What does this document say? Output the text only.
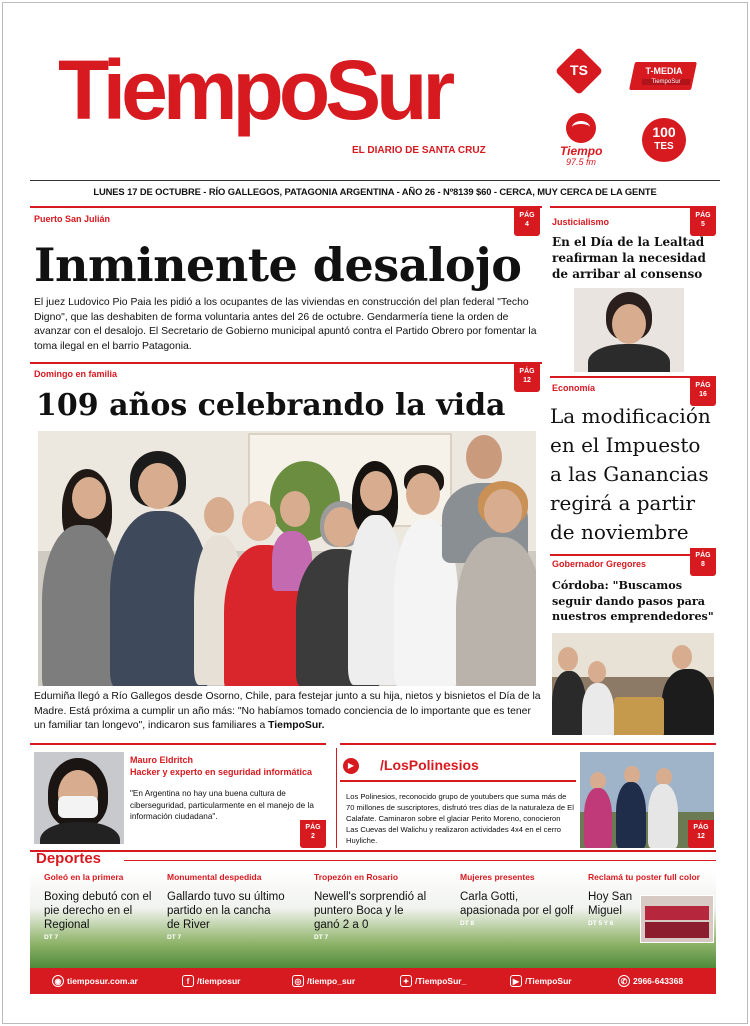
TiempoSur
EL DIARIO DE SANTA CRUZ
TS	T-MEDIA
TiempoSur
Tiempo
97.5 fm
100
TES
LUNES 17 DE OCTUBRE - RÍO GALLEGOS, PATAGONIA ARGENTINA - AÑO 26 - Nº8139 $60 - CERCA, MUY CERCA DE LA GENTE
Puerto San Julián	PÁG
4
Inminente desalojo
El juez Ludovico Pio Paia les pidió a los ocupantes de las viviendas en construcción del plan federal "Techo Digno", que las deshabiten de forma voluntaria antes del 26 de octubre. Gendarmería tiene la orden de avanzar con el desalojo. El Secretario de Gobierno municipal apuntó contra el Partido Obrero por fomentar la toma ilegal en el barrio Patagonia.
Justicialismo
PÁG
5
En el Día de la Lealtad reafirman la necesidad de arribar al consenso
Domingo en familia	PÁG
12
109 años celebrando la vida
Edumiña llegó a Río Gallegos desde Osorno, Chile, para festejar junto a su hija, nietos y bisnietos el Día de la Madre. Está próxima a cumplir un año más: "No habíamos tomado conciencia de lo importante que es tener un familiar tan longevo", indicaron sus familiares a TiempoSur.
Economía	PÁG
16
La modificación en el Impuesto a las Ganancias regirá a partir de noviembre
Gobernador Gregores
PÁG
8
Córdoba: "Buscamos seguir dando pasos para nuestros emprendedores"
Mauro Eldritch
Hacker y experto en seguridad informática
"En Argentina no hay una buena cultura de ciberseguridad, particularmente en el manejo de la información ciudadana".
PÁG
2
▶	/LosPolinesios
Los Polinesios, reconocido grupo de youtubers que suma más de 70 millones de suscriptores, disfrutó tres días de la naturaleza de El Calafate. Caminaron sobre el glaciar Perito Moreno, conocieron Las Cuevas del Walichu y realizaron actividades 4x4 en el cerro Huyliche.
PÁG
12
Deportes
Goleó en la primera
Boxing debutó con el pie derecho en el Regional
DT 7
Monumental despedida
Gallardo tuvo su último partido en la cancha de River
DT 7
Tropezón en Rosario
Newell's sorprendió al puntero Boca y le ganó 2 a 0
DT 7
Mujeres presentes
Carla Gotti, apasionada por el golf
DT 8
Reclamá tu poster full color
Hoy San Miguel
DT 5 Y 6
◉ tiemposur.com.ar	f /tiemposur	◎ /tiempo_sur	✦ /TiempoSur_	▶ /TiempoSur	✆ 2966-643368
